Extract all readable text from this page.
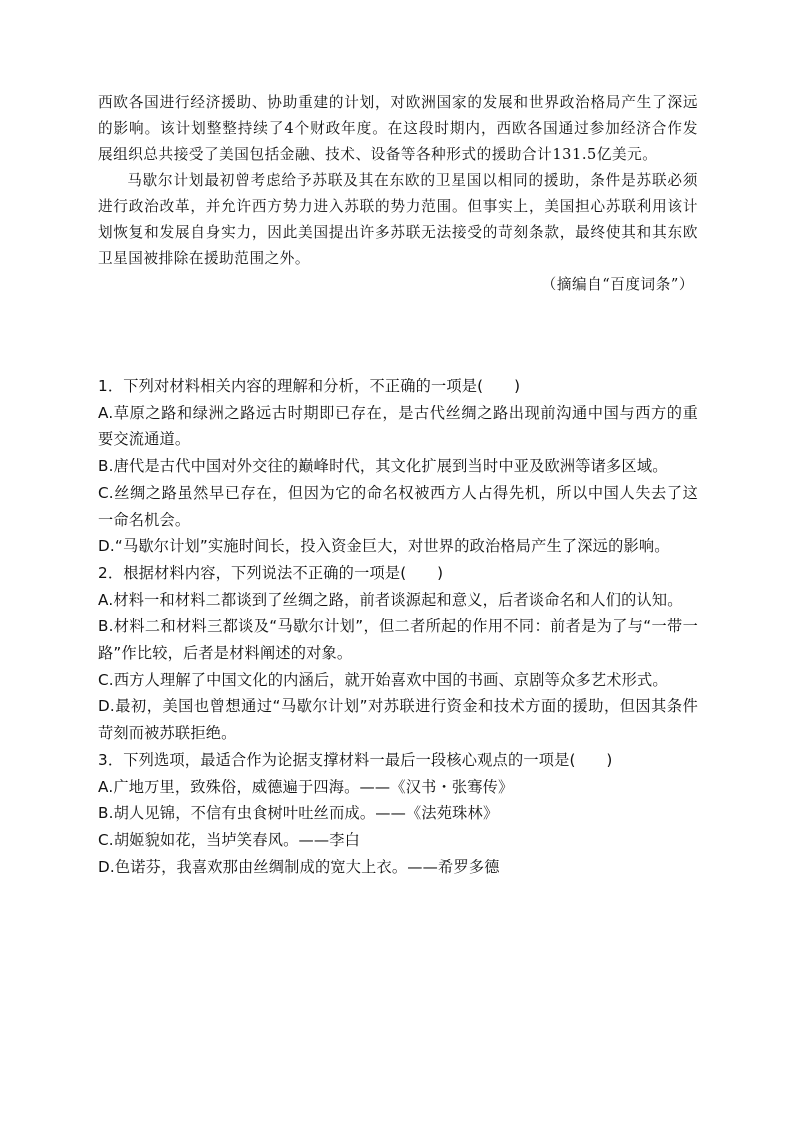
西欧各国进行经济援助、协助重建的计划，对欧洲国家的发展和世界政治格局产生了深远的影响。该计划整整持续了4个财政年度。在这段时期内，西欧各国通过参加经济合作发展组织总共接受了美国包括金融、技术、设备等各种形式的援助合计131.5亿美元。

马歇尔计划最初曾考虑给予苏联及其在东欧的卫星国以相同的援助，条件是苏联必须进行政治改革，并允许西方势力进入苏联的势力范围。但事实上，美国担心苏联利用该计划恢复和发展自身实力，因此美国提出许多苏联无法接受的苛刻条款，最终使其和其东欧卫星国被排除在援助范围之外。

（摘编自“百度词条”）

1．下列对材料相关内容的理解和分析，不正确的一项是(　　)

A.草原之路和绿洲之路远古时期即已存在，是古代丝绸之路出现前沟通中国与西方的重要交流通道。

B.唐代是古代中国对外交往的巅峰时代，其文化扩展到当时中亚及欧洲等诸多区域。

C.丝绸之路虽然早已存在，但因为它的命名权被西方人占得先机，所以中国人失去了这一命名机会。

D.“马歇尔计划”实施时间长，投入资金巨大，对世界的政治格局产生了深远的影响。

2．根据材料内容，下列说法不正确的一项是(　　)

A.材料一和材料二都谈到了丝绸之路，前者谈源起和意义，后者谈命名和人们的认知。

B.材料二和材料三都谈及“马歇尔计划”，但二者所起的作用不同：前者是为了与“一带一路”作比较，后者是材料阐述的对象。

C.西方人理解了中国文化的内涵后，就开始喜欢中国的书画、京剧等众多艺术形式。

D.最初，美国也曾想通过“马歇尔计划”对苏联进行资金和技术方面的援助，但因其条件苛刻而被苏联拒绝。

3．下列选项，最适合作为论据支撑材料一最后一段核心观点的一项是(　　)

A.广地万里，致殊俗，威德遍于四海。——《汉书・张骞传》

B.胡人见锦，不信有虫食树叶吐丝而成。——《法苑珠林》

C.胡姬貌如花，当垆笑春风。——李白

D.色诺芬，我喜欢那由丝绸制成的宽大上衣。——希罗多德
